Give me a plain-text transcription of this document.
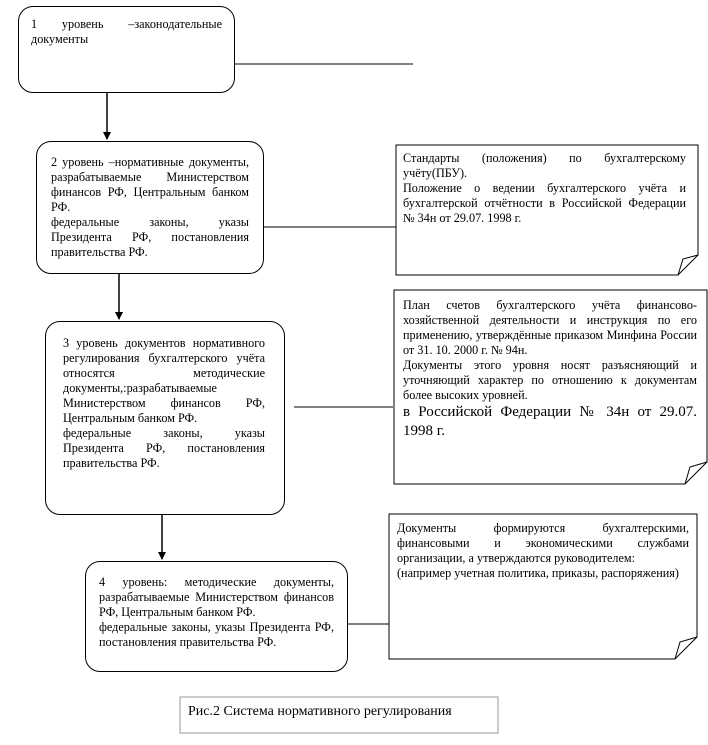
1 уровень –законодательные документы

2 уровень –нормативные документы, разрабатываемые Министерством финансов РФ, Центральным банком РФ.

федеральные законы, указы Президента РФ, постановления правительства РФ.

3 уровень документов нормативного регулирования бухгалтерского учёта относятся методические документы,:разрабатываемые Министерством финансов РФ, Центральным банком РФ.

федеральные законы, указы Президента РФ, постановления правительства РФ.

4 уровень: методические документы, разрабатываемые Министерством финансов РФ, Центральным банком РФ.

федеральные законы, указы Президента РФ, постановления правительства РФ.

Стандарты (положения) по бухгалтерскому учёту(ПБУ).

Положение о ведении бухгалтерского учёта и бухгалтерской отчётности в Российской Федерации № 34н от 29.07. 1998 г.

План счетов бухгалтерского учёта финансово-хозяйственной деятельности и инструкция по его применению, утверждённые приказом Минфина России от 31. 10. 2000 г. № 94н.

Документы этого уровня носят разъясняющий и уточняющий характер по отношению к документам более высоких уровней.

в Российской Федерации № 34н от 29.07. 1998 г.

Документы формируются бухгалтерскими, финансовыми и экономическими службами организации, а утверждаются руководителем:

(например учетная политика, приказы, распоряжения)

Рис.2 Система нормативного регулирования
